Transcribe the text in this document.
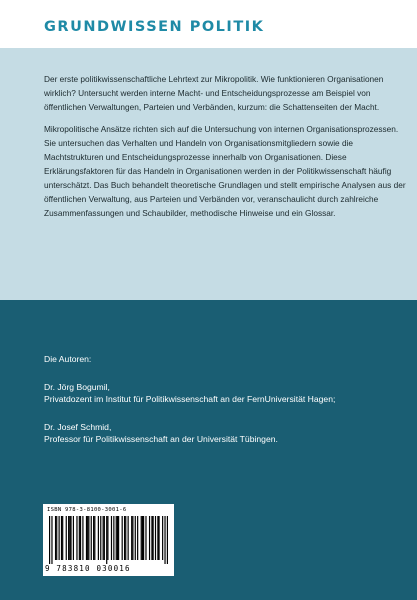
GRUNDWISSEN POLITIK

Der erste politikwissenschaftliche Lehrtext zur Mikropolitik. Wie funktionieren Organisationen wirklich? Untersucht werden interne Macht- und Entscheidungsprozesse am Beispiel von öffentlichen Verwaltungen, Parteien und Verbänden, kurzum: die Schattenseiten der Macht.

Mikropolitische Ansätze richten sich auf die Untersuchung von internen Organisationsprozessen. Sie untersuchen das Verhalten und Handeln von Organisationsmitgliedern sowie die Machtstrukturen und Entscheidungsprozesse innerhalb von Organisationen. Diese Erklärungsfaktoren für das Handeln in Organisationen werden in der Politikwissenschaft häufig unterschätzt. Das Buch behandelt theoretische Grundlagen und stellt empirische Analysen aus der öffentlichen Verwaltung, aus Parteien und Verbänden vor, veranschaulicht durch zahlreiche Zusammenfassungen und Schaubilder, methodische Hinweise und ein Glossar.

Die Autoren:

Dr. Jörg Bogumil,

Privatdozent im Institut für Politikwissenschaft an der FernUniversität Hagen;

Dr. Josef Schmid,

Professor für Politikwissenschaft an der Universität Tübingen.

ISBN 978-3-8100-3001-6

9 783810 030016
